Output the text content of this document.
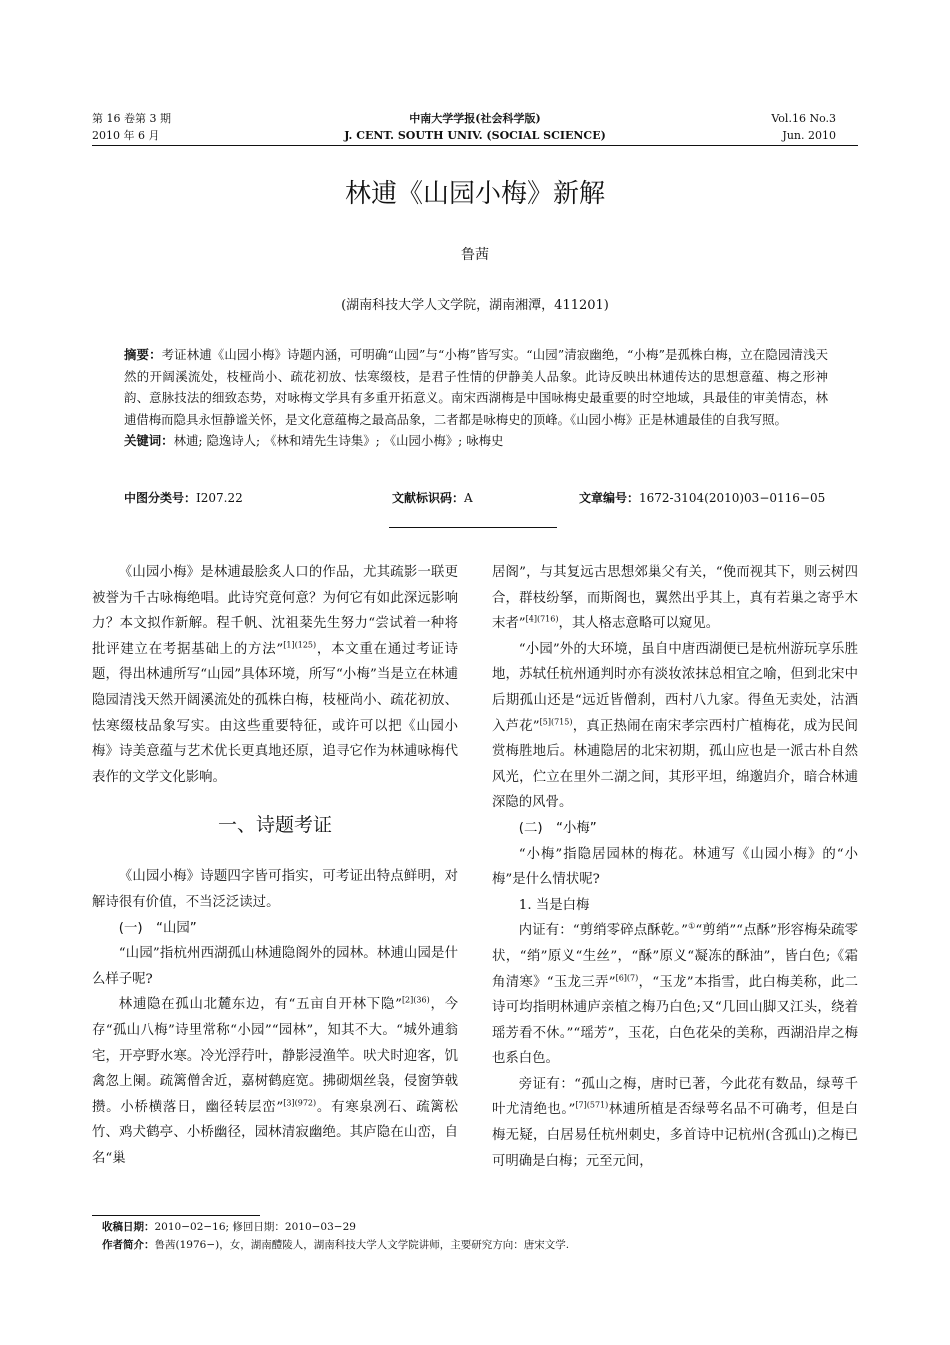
第 16 卷第 3 期
2010 年 6 月
中南大学学报(社会科学版)
J. CENT. SOUTH UNIV. (SOCIAL SCIENCE)
Vol.16 No.3
Jun. 2010
林逋《山园小梅》新解
鲁茜
(湖南科技大学人文学院，湖南湘潭，411201)

摘要：考证林逋《山园小梅》诗题内涵，可明确“山园”与“小梅”皆写实。“山园”清寂幽绝，“小梅”是孤株白梅，立在隐园清浅天然的开阔溪流处，枝桠尚小、疏花初放、怯寒缀枝，是君子性情的伊静美人品象。此诗反映出林逋传达的思想意蕴、梅之形神韵、意脉技法的细致态势，对咏梅文学具有多重开拓意义。南宋西湖梅是中国咏梅史最重要的时空地域，具最佳的审美情态，林逋借梅而隐具永恒静谧关怀，是文化意蕴梅之最高品象，二者都是咏梅史的顶峰。《山园小梅》正是林逋最佳的自我写照。

关键词：林逋; 隐逸诗人; 《林和靖先生诗集》; 《山园小梅》; 咏梅史

中图分类号：I207.22	文献标识码：A	文章编号：1672-3104(2010)03−0116−05

《山园小梅》是林逋最脍炙人口的作品，尤其疏影一联更被誉为千古咏梅绝唱。此诗究竟何意？为何它有如此深远影响力？本文拟作新解。程千帆、沈祖棻先生努力“尝试着一种将批评建立在考据基础上的方法”$^{[1](125)}$，本文重在通过考证诗题，得出林逋所写“山园”具体环境，所写“小梅”当是立在林逋隐园清浅天然开阔溪流处的孤株白梅，枝桠尚小、疏花初放、怯寒缀枝品象写实。由这些重要特征，或许可以把《山园小梅》诗美意蕴与艺术优长更真地还原，追寻它作为林逋咏梅代表作的文学文化影响。

一、诗题考证

《山园小梅》诗题四字皆可指实，可考证出特点鲜明，对解诗很有价值，不当泛泛读过。

(一)　“山园”

“山园”指杭州西湖孤山林逋隐阁外的园林。林逋山园是什么样子呢?

林逋隐在孤山北麓东边，有“五亩自开林下隐”$^{[2](36)}$，今存“孤山八梅”诗里常称“小园”“园林”，知其不大。“城外逋翁宅，开亭野水寒。冷光浮荇叶，静影浸渔竿。吠犬时迎客，饥禽忽上阑。疏篱僧舍近，嘉树鹤庭宽。拂砌烟丝袅，侵窗笋戟攒。小桥横落日，幽径转层峦”$^{[3](972)}$。有寒泉冽石、疏篱松竹、鸡犬鹤亭、小桥幽径，园林清寂幽绝。其庐隐在山峦，自名“巢

居阁”，与其复远古思想郊巢父有关，“俛而视其下，则云树四合，群枝纷拏，而斯阁也，翼然出乎其上，真有若巢之寄乎木末者”$^{[4](716)}$，其人格志意略可以窥见。

“小园”外的大环境，虽自中唐西湖便已是杭州游玩享乐胜地，苏轼任杭州通判时亦有淡妆浓抹总相宜之喻，但到北宋中后期孤山还是“远近皆僧刹，西村八九家。得鱼无卖处，沽酒入芦花”$^{[5](715)}$，真正热闹在南宋孝宗西村广植梅花，成为民间赏梅胜地后。林逋隐居的北宋初期，孤山应也是一派古朴自然风光，伫立在里外二湖之间，其形平坦，绵邈岿介，暗合林逋深隐的风骨。

(二)　“小梅”

“小梅”指隐居园林的梅花。林逋写《山园小梅》的“小梅”是什么情状呢?

1. 当是白梅

内证有：“剪绡零碎点酥乾。”①“剪绡”“点酥”形容梅朵疏零状，“绡”原义“生丝”，“酥”原义“凝冻的酥油”，皆白色;《霜角清寒》“玉龙三弄”$^{[6](7)}$，“玉龙”本指雪，此白梅美称，此二诗可均指明林逋庐亲植之梅乃白色;又“几回山脚又江头，绕着瑶芳看不休。”“瑶芳”，玉花，白色花朵的美称，西湖沿岸之梅也系白色。

旁证有：“孤山之梅，唐时已著，今此花有数品，绿萼千叶尤清绝也。”$^{[7](571)}$林逋所植是否绿萼名品不可确考，但是白梅无疑，白居易任杭州刺史，多首诗中记杭州(含孤山)之梅已可明确是白梅；元至元间，

收稿日期：2010−02−16; 修回日期：2010−03−29
作者简介：鲁茜(1976−)，女，湖南醴陵人，湖南科技大学人文学院讲师，主要研究方向：唐宋文学.
